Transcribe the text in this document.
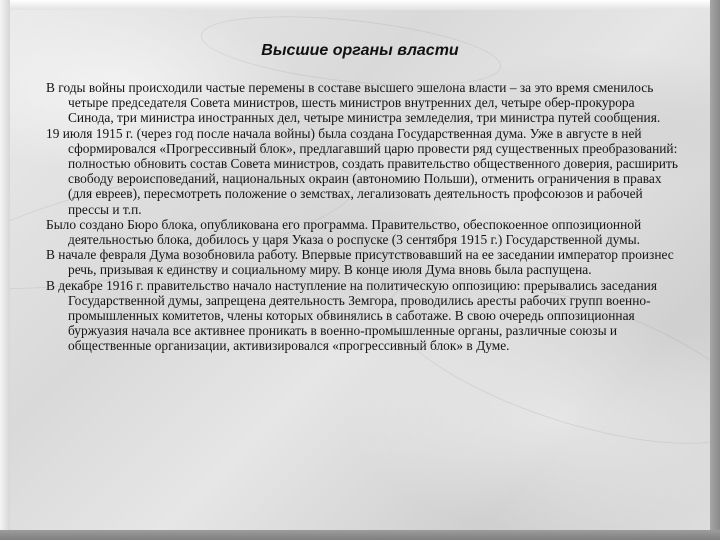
Высшие органы власти

В годы войны происходили частые перемены в составе высшего эшелона власти – за это время сменилось четыре председателя Совета министров, шесть министров внутренних дел, четыре обер-прокурора Синода, три министра иностранных дел, четыре министра земледелия, три министра путей сообщения.

19 июля 1915 г. (через год после начала войны) была создана Государственная дума. Уже в августе в ней сформировался «Прогрессивный блок», предлагавший царю провести ряд существенных преобразований: полностью обновить состав Совета министров, создать правительство общественного доверия, расширить свободу вероисповеданий, национальных окраин (автономию Польши), отменить ограничения в правах (для евреев), пересмотреть положение о земствах, легализовать деятельность профсоюзов и рабочей прессы и т.п.

Было создано Бюро блока, опубликована его программа. Правительство, обеспокоенное оппозиционной деятельностью блока, добилось у царя Указа о роспуске (3 сентября 1915 г.) Государственной думы.

В начале февраля Дума возобновила работу. Впервые присутствовавший на ее заседании император произнес речь, призывая к единству и социальному миру. В конце июля Дума вновь была распущена.

В декабре 1916 г. правительство начало наступление на политическую оппозицию: прерывались заседания Государственной думы, запрещена деятельность Земгора, проводились аресты рабочих групп военно-промышленных комитетов, члены которых обвинялись в саботаже. В свою очередь оппозиционная буржуазия начала все активнее проникать в военно-промышленные органы, различные союзы и общественные организации, активизировался «прогрессивный блок» в Думе.
